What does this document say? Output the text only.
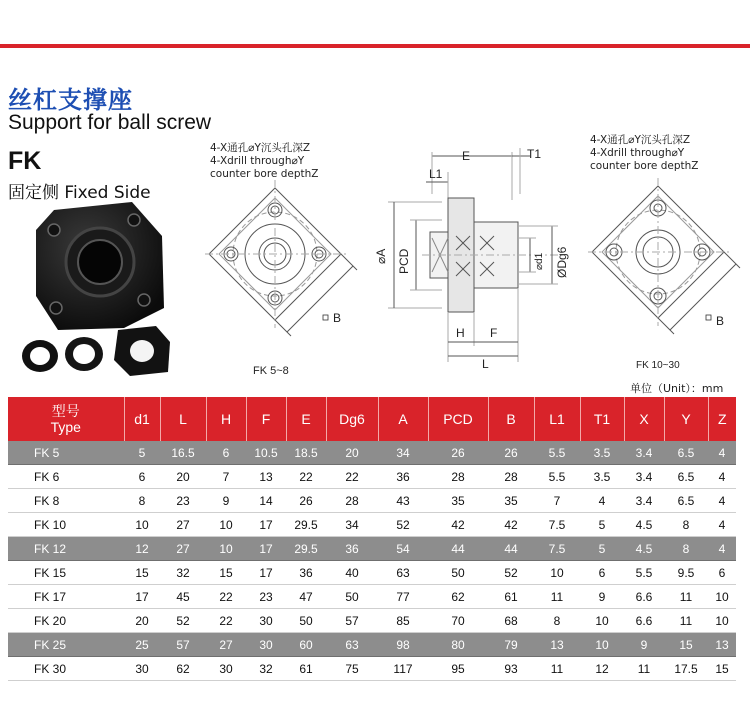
丝杠支撑座
Support for ball screw
FK
固定侧 Fixed Side
4-X通孔⌀Y沉头孔深Z
4-Xdrill through⌀Y
counter bore depthZ
B
FK 5~8
E	T1
L1
⌀A PCD	⌀d1 ØDg6
H F
L
4-X通孔⌀Y沉头孔深Z
4-Xdrill through⌀Y
counter bore depthZ
B
FK 10~30
单位（Unit）：mm
型号
Type	d1	L	H	F	E	Dg6	A	PCD	B	L1	T1	X	Y	Z
FK 5	5	16.5	6	10.5	18.5	20	34	26	26	5.5	3.5	3.4	6.5	4
FK 6	6	20	7	13	22	22	36	28	28	5.5	3.5	3.4	6.5	4
FK 8	8	23	9	14	26	28	43	35	35	7	4	3.4	6.5	4
FK 10	10	27	10	17	29.5	34	52	42	42	7.5	5	4.5	8	4
FK 12	12	27	10	17	29.5	36	54	44	44	7.5	5	4.5	8	4
FK 15	15	32	15	17	36	40	63	50	52	10	6	5.5	9.5	6
FK 17	17	45	22	23	47	50	77	62	61	11	9	6.6	11	10
FK 20	20	52	22	30	50	57	85	70	68	8	10	6.6	11	10
FK 25	25	57	27	30	60	63	98	80	79	13	10	9	15	13
FK 30	30	62	30	32	61	75	117	95	93	11	12	11	17.5	15
